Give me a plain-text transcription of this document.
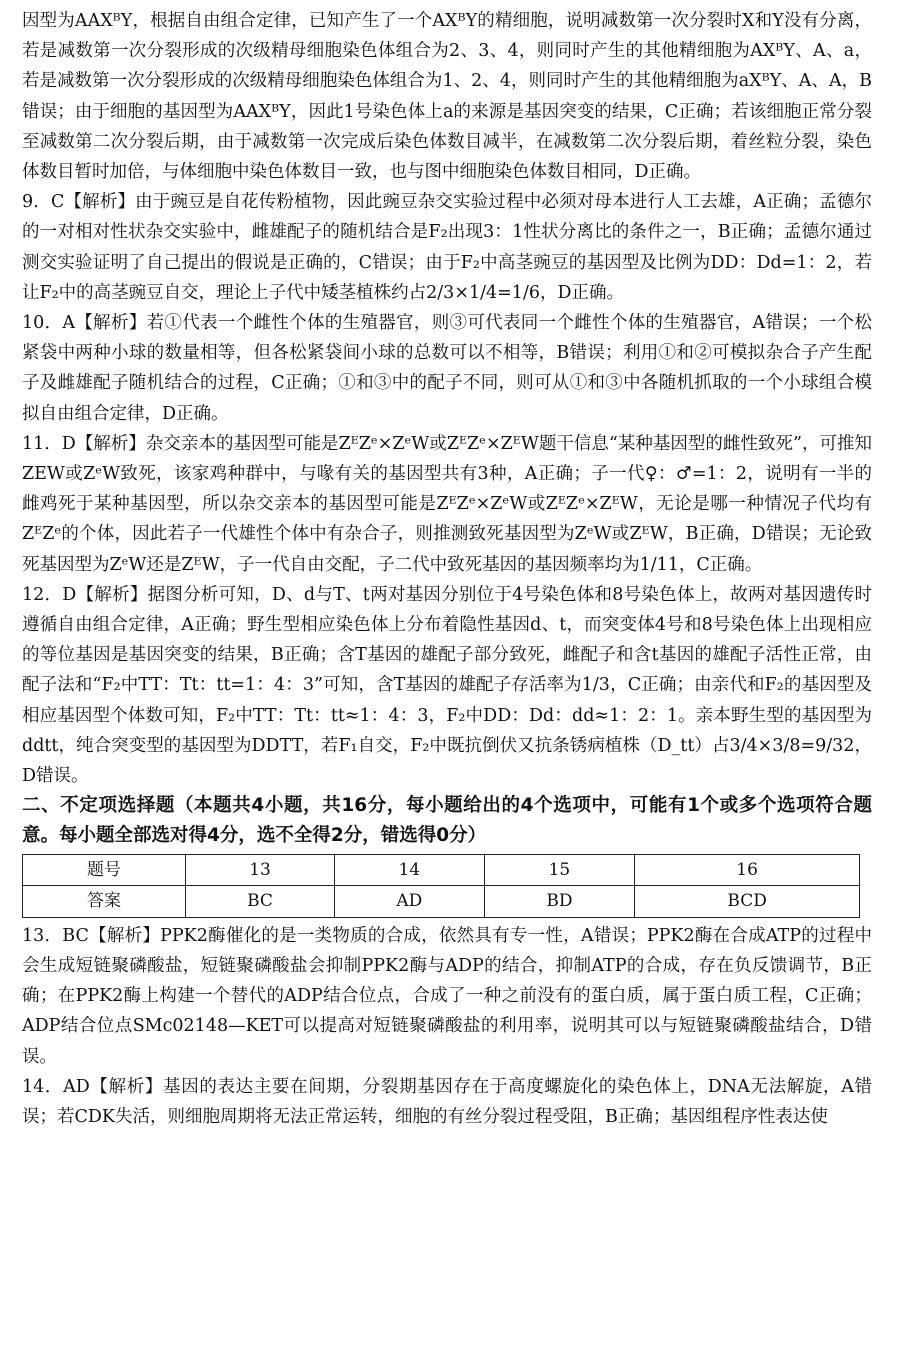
因型为AAXᴮY，根据自由组合定律，已知产生了一个AXᴮY的精细胞，说明减数第一次分裂时X和Y没有分离，若是减数第一次分裂形成的次级精母细胞染色体组合为2、3、4，则同时产生的其他精细胞为AXᴮY、A、a，若是减数第一次分裂形成的次级精母细胞染色体组合为1、2、4，则同时产生的其他精细胞为aXᴮY、A、A，B错误；由于细胞的基因型为AAXᴮY，因此1号染色体上a的来源是基因突变的结果，C正确；若该细胞正常分裂至减数第二次分裂后期，由于减数第一次完成后染色体数目减半，在减数第二次分裂后期，着丝粒分裂，染色体数目暂时加倍，与体细胞中染色体数目一致，也与图中细胞染色体数目相同，D正确。

9．C【解析】由于豌豆是自花传粉植物，因此豌豆杂交实验过程中必须对母本进行人工去雄，A正确；孟德尔的一对相对性状杂交实验中，雌雄配子的随机结合是F₂出现3：1性状分离比的条件之一，B正确；孟德尔通过测交实验证明了自己提出的假说是正确的，C错误；由于F₂中高茎豌豆的基因型及比例为DD：Dd=1：2，若让F₂中的高茎豌豆自交，理论上子代中矮茎植株约占2/3×1/4=1/6，D正确。

10．A【解析】若①代表一个雌性个体的生殖器官，则③可代表同一个雌性个体的生殖器官，A错误；一个松紧袋中两种小球的数量相等，但各松紧袋间小球的总数可以不相等，B错误；利用①和②可模拟杂合子产生配子及雌雄配子随机结合的过程，C正确；①和③中的配子不同，则可从①和③中各随机抓取的一个小球组合模拟自由组合定律，D正确。

11．D【解析】杂交亲本的基因型可能是ZᴱZᵉ×ZᵉW或ZᴱZᵉ×ZᴱW题干信息“某种基因型的雌性致死”，可推知ZEW或ZᵉW致死，该家鸡种群中，与喙有关的基因型共有3种，A正确；子一代♀：♂=1：2，说明有一半的雌鸡死于某种基因型，所以杂交亲本的基因型可能是ZᴱZᵉ×ZᵉW或ZᴱZᵉ×ZᴱW，无论是哪一种情况子代均有ZᴱZᵉ的个体，因此若子一代雄性个体中有杂合子，则推测致死基因型为ZᵉW或ZᴱW，B正确，D错误；无论致死基因型为ZᵉW还是ZᴱW，子一代自由交配，子二代中致死基因的基因频率均为1/11，C正确。

12．D【解析】据图分析可知，D、d与T、t两对基因分别位于4号染色体和8号染色体上，故两对基因遗传时遵循自由组合定律，A正确；野生型相应染色体上分布着隐性基因d、t，而突变体4号和8号染色体上出现相应的等位基因是基因突变的结果，B正确；含T基因的雄配子部分致死，雌配子和含t基因的雄配子活性正常，由配子法和“F₂中TT：Tt：tt=1：4：3”可知，含T基因的雄配子存活率为1/3，C正确；由亲代和F₂的基因型及相应基因型个体数可知，F₂中TT：Tt：tt≈1：4：3，F₂中DD：Dd：dd≈1：2：1。亲本野生型的基因型为ddtt，纯合突变型的基因型为DDTT，若F₁自交，F₂中既抗倒伏又抗条锈病植株（D_tt）占3/4×3/8=9/32，D错误。

二、不定项选择题（本题共4小题，共16分，每小题给出的4个选项中，可能有1个或多个选项符合题意。每小题全部选对得4分，选不全得2分，错选得0分）

题号	13	14	15	16
答案	BC	AD	BD	BCD

13．BC【解析】PPK2酶催化的是一类物质的合成，依然具有专一性，A错误；PPK2酶在合成ATP的过程中会生成短链聚磷酸盐，短链聚磷酸盐会抑制PPK2酶与ADP的结合，抑制ATP的合成，存在负反馈调节，B正确；在PPK2酶上构建一个替代的ADP结合位点，合成了一种之前没有的蛋白质，属于蛋白质工程，C正确；ADP结合位点SMc02148—KET可以提高对短链聚磷酸盐的利用率，说明其可以与短链聚磷酸盐结合，D错误。

14．AD【解析】基因的表达主要在间期，分裂期基因存在于高度螺旋化的染色体上，DNA无法解旋，A错误；若CDK失活，则细胞周期将无法正常运转，细胞的有丝分裂过程受阻，B正确；基因组程序性表达使
